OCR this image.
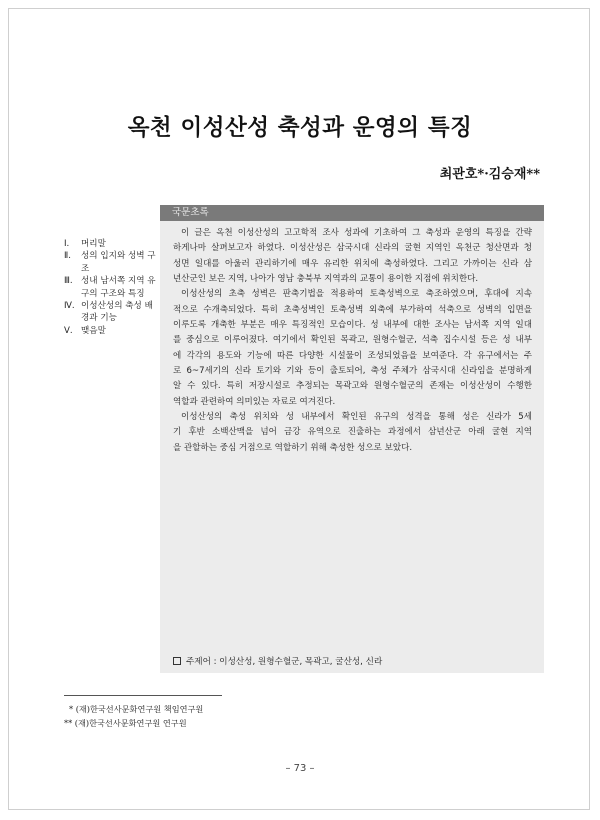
옥천 이성산성 축성과 운영의 특징
최관호*·김승재**
Ⅰ.	머리말
Ⅱ.	성의 입지와 성벽 구조
Ⅲ. 성내 남서쪽 지역 유구의 구조와 특징
Ⅳ. 이성산성의 축성 배경과 기능
Ⅴ. 맺음말
국문초록
이 글은 옥천 이성산성의 고고학적 조사 성과에 기초하여 그 축성과 운영의 특징을 간략
하게나마 살펴보고자 하였다. 이성산성은 삼국시대 신라의 굴현 지역인 옥천군 청산면과 청
성면 일대를 아울러 관리하기에 매우 유리한 위치에 축성하였다. 그리고 가까이는 신라 삼
년산군인 보은 지역, 나아가 영남 충북부 지역과의 교통이 용이한 지점에 위치한다.
이성산성의 초축 성벽은 판축기법을 적용하여 토축성벽으로 축조하였으며, 후대에 지속
적으로 수개축되었다. 특히 초축성벽인 토축성벽 외축에 부가하여 석축으로 성벽의 입면을
이루도록 개축한 부분은 매우 특징적인 모습이다. 성 내부에 대한 조사는 남서쪽 지역 일대
를 중심으로 이루어졌다. 여기에서 확인된 목곽고, 원형수혈군, 석축 집수시설 등은 성 내부
에 각각의 용도와 기능에 따른 다양한 시설물이 조성되었음을 보여준다. 각 유구에서는 주
로 6~7세기의 신라 토기와 기와 등이 출토되어, 축성 주체가 삼국시대 신라임을 분명하게
알 수 있다. 특히 저장시설로 추정되는 목곽고와 원형수혈군의 존재는 이성산성이 수행한
역할과 관련하여 의미있는 자료로 여겨진다.
이성산성의 축성 위치와 성 내부에서 확인된 유구의 성격을 통해 성은 신라가 5세
기 후반 소백산맥을 넘어 금강 유역으로 진출하는 과정에서 삼년산군 아래 굴현 지역
을 관할하는 중심 거점으로 역할하기 위해 축성한 성으로 보았다.
주제어 : 이성산성, 원형수혈군, 목곽고, 굴산성, 신라
* (재)한국선사문화연구원 책임연구원
** (재)한국선사문화연구원 연구원
– 73 –
